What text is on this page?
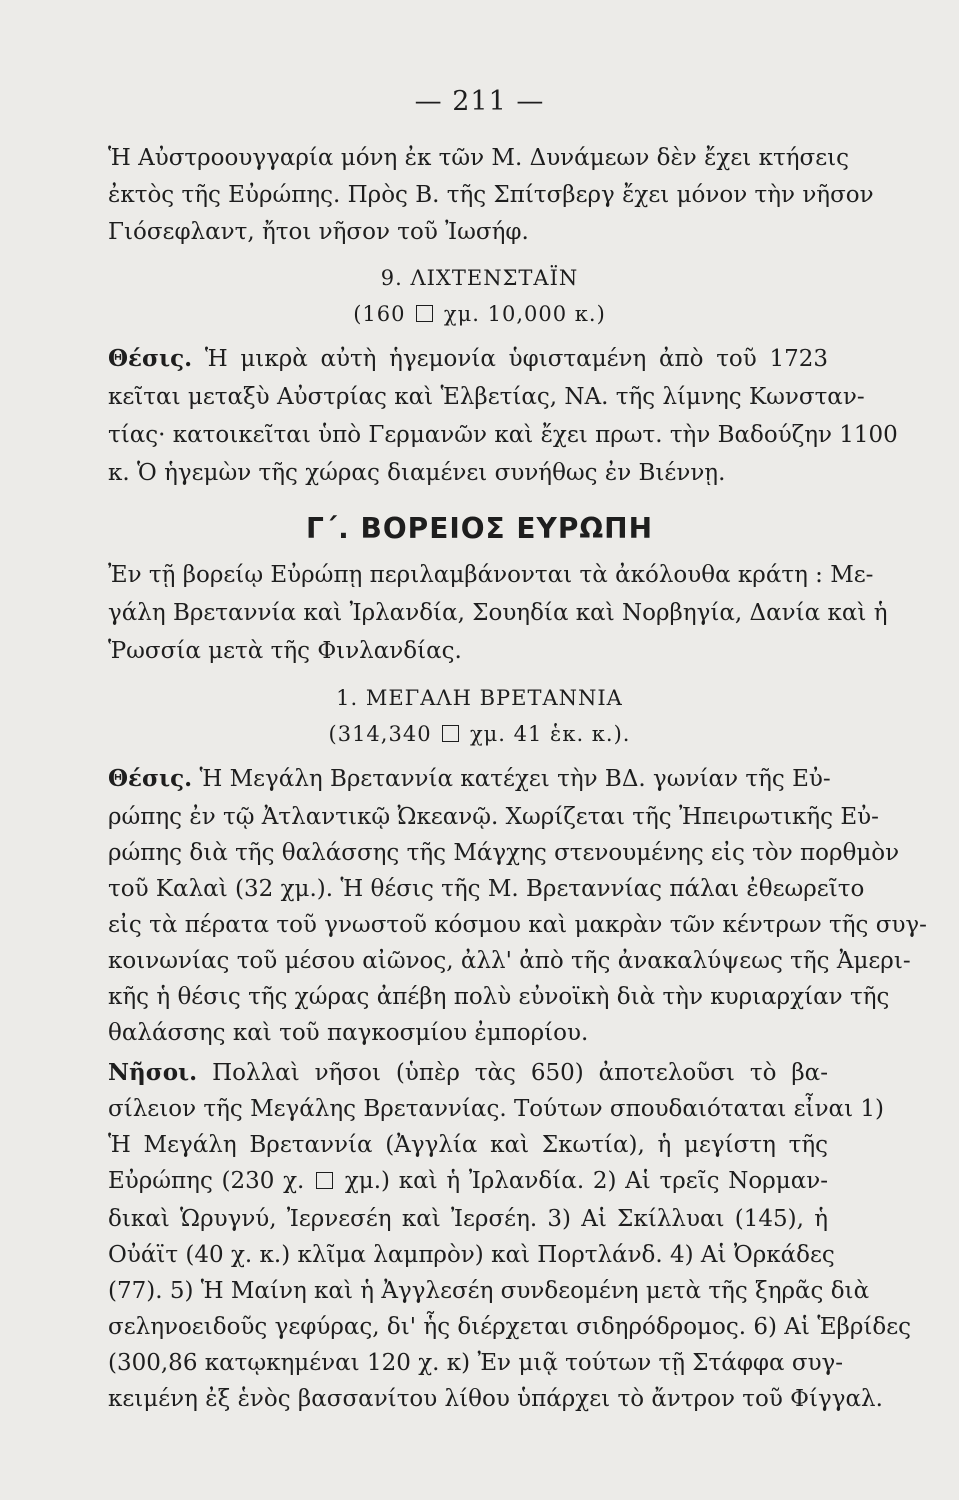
— 211 —
Ἡ Αὐστροουγγαρία μόνη ἐκ τῶν Μ. Δυνάμεων δὲν ἔχει κτήσεις
ἐκτὸς τῆς Εὐρώπης. Πρὸς Β. τῆς Σπίτσβεργ ἔχει μόνον τὴν νῆσον
Γιόσεφλαντ, ἤτοι νῆσον τοῦ Ἰωσήφ.
9. ΛΙΧΤΕΝΣΤΑΪΝ
(160 χμ. 10,000 κ.)
Θέσις. Ἡ μικρὰ αὐτὴ ἡγεμονία ὑφισταμένη ἀπὸ τοῦ 1723
κεῖται μεταξὺ Αὐστρίας καὶ Ἑλβετίας, ΝΑ. τῆς λίμνης Κωνσταν-
τίας· κατοικεῖται ὑπὸ Γερμανῶν καὶ ἔχει πρωτ. τὴν Βαδούζην 1100
κ. Ὁ ἡγεμὼν τῆς χώρας διαμένει συνήθως ἐν Βιέννῃ.
Γ΄. ΒΟΡΕΙΟΣ ΕΥΡΩΠΗ
Ἐν τῇ βορείῳ Εὐρώπῃ περιλαμβάνονται τὰ ἀκόλουθα κράτη : Με-
γάλη Βρεταννία καὶ Ἰρλανδία, Σουηδία καὶ Νορβηγία, Δανία καὶ ἡ
Ῥωσσία μετὰ τῆς Φινλανδίας.
1. ΜΕΓΑΛΗ ΒΡΕΤΑΝΝΙΑ
(314,340 χμ. 41 ἑκ. κ.).
Θέσις. Ἡ Μεγάλη Βρεταννία κατέχει τὴν ΒΔ. γωνίαν τῆς Εὐ-
ρώπης ἐν τῷ Ἀτλαντικῷ Ὠκεανῷ. Χωρίζεται τῆς Ἠπειρωτικῆς Εὐ-
ρώπης διὰ τῆς θαλάσσης τῆς Μάγχης στενουμένης εἰς τὸν πορθμὸν
τοῦ Καλαὶ (32 χμ.). Ἡ θέσις τῆς Μ. Βρεταννίας πάλαι ἐθεωρεῖτο
εἰς τὰ πέρατα τοῦ γνωστοῦ κόσμου καὶ μακρὰν τῶν κέντρων τῆς συγ-
κοινωνίας τοῦ μέσου αἰῶνος, ἀλλ' ἀπὸ τῆς ἀνακαλύψεως τῆς Ἀμερι-
κῆς ἡ θέσις τῆς χώρας ἀπέβη πολὺ εὐνοϊκὴ διὰ τὴν κυριαρχίαν τῆς
θαλάσσης καὶ τοῦ παγκοσμίου ἐμπορίου.
Νῆσοι. Πολλαὶ νῆσοι (ὑπὲρ τὰς 650) ἀποτελοῦσι τὸ βα-
σίλειον τῆς Μεγάλης Βρεταννίας. Τούτων σπουδαιόταται εἶναι 1)
Ἡ Μεγάλη Βρεταννία (Ἀγγλία καὶ Σκωτία), ἡ μεγίστη τῆς
Εὐρώπης (230 χ. χμ.) καὶ ἡ Ἰρλανδία. 2) Αἱ τρεῖς Νορμαν-
δικαὶ Ὡρυγνύ, Ἰερνεσέη καὶ Ἰερσέη. 3) Αἱ Σκίλλυαι (145), ἡ
Οὐάϊτ (40 χ. κ.) κλῖμα λαμπρὸν) καὶ Πορτλάνδ. 4) Αἱ Ὀρκάδες
(77). 5) Ἡ Μαίνη καὶ ἡ Ἀγγλεσέη συνδεομένη μετὰ τῆς ξηρᾶς διὰ
σεληνοειδοῦς γεφύρας, δι' ἧς διέρχεται σιδηρόδρομος. 6) Αἱ Ἑβρίδες
(300,86 κατῳκημέναι 120 χ. κ) Ἐν μιᾷ τούτων τῇ Στάφφα συγ-
κειμένη ἐξ ἑνὸς βασσανίτου λίθου ὑπάρχει τὸ ἄντρον τοῦ Φίγγαλ.
